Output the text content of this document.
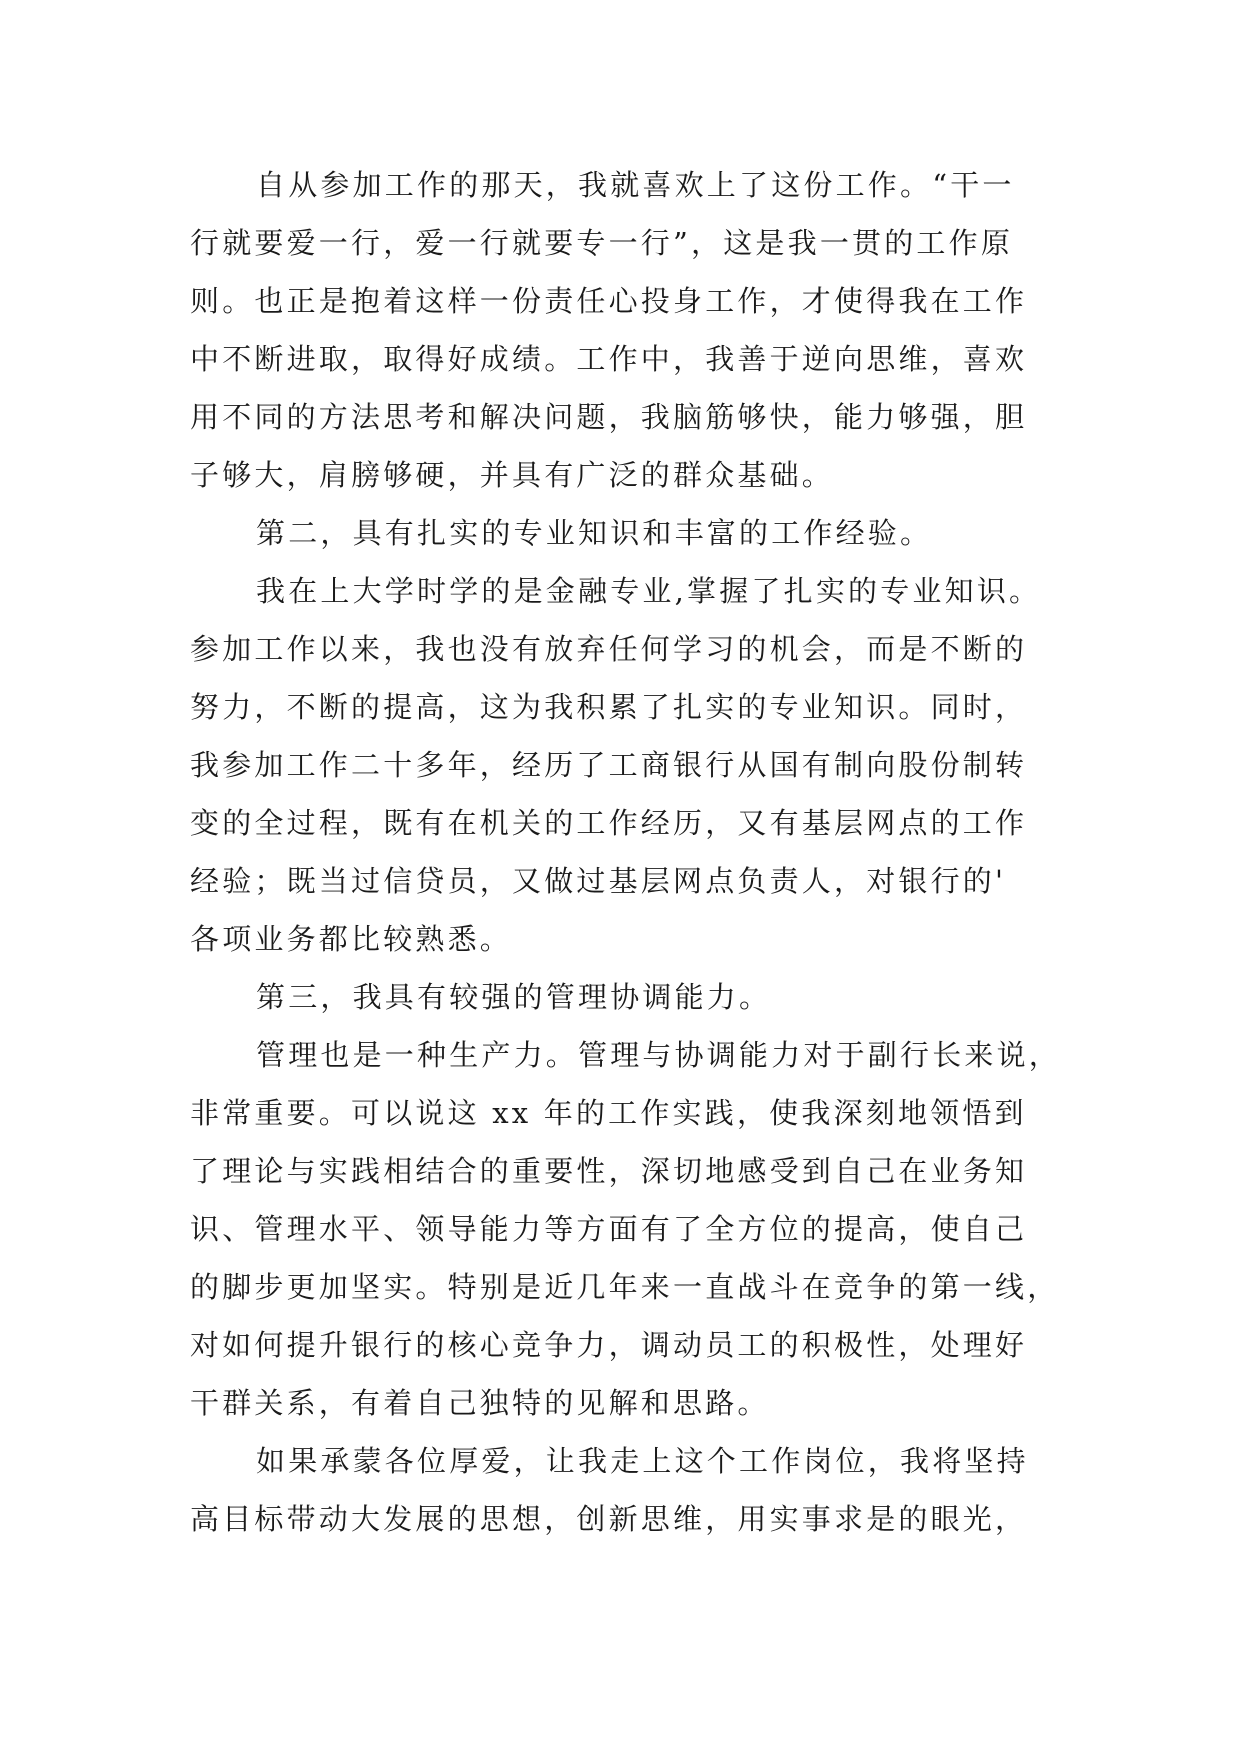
自从参加工作的那天，我就喜欢上了这份工作。“干一
行就要爱一行，爱一行就要专一行”，这是我一贯的工作原
则。也正是抱着这样一份责任心投身工作，才使得我在工作
中不断进取，取得好成绩。工作中，我善于逆向思维，喜欢
用不同的方法思考和解决问题，我脑筋够快，能力够强，胆
子够大，肩膀够硬，并具有广泛的群众基础。
第二，具有扎实的专业知识和丰富的工作经验。
我在上大学时学的是金融专业,掌握了扎实的专业知识。
参加工作以来，我也没有放弃任何学习的机会，而是不断的
努力，不断的提高，这为我积累了扎实的专业知识。同时，
我参加工作二十多年，经历了工商银行从国有制向股份制转
变的全过程，既有在机关的工作经历，又有基层网点的工作
经验；既当过信贷员，又做过基层网点负责人，对银行的'
各项业务都比较熟悉。
第三，我具有较强的管理协调能力。
管理也是一种生产力。管理与协调能力对于副行长来说，
非常重要。可以说这 xx 年的工作实践，使我深刻地领悟到
了理论与实践相结合的重要性，深切地感受到自己在业务知
识、管理水平、领导能力等方面有了全方位的提高，使自己
的脚步更加坚实。特别是近几年来一直战斗在竞争的第一线，
对如何提升银行的核心竞争力，调动员工的积极性，处理好
干群关系，有着自己独特的见解和思路。
如果承蒙各位厚爱，让我走上这个工作岗位，我将坚持
高目标带动大发展的思想，创新思维，用实事求是的眼光，
